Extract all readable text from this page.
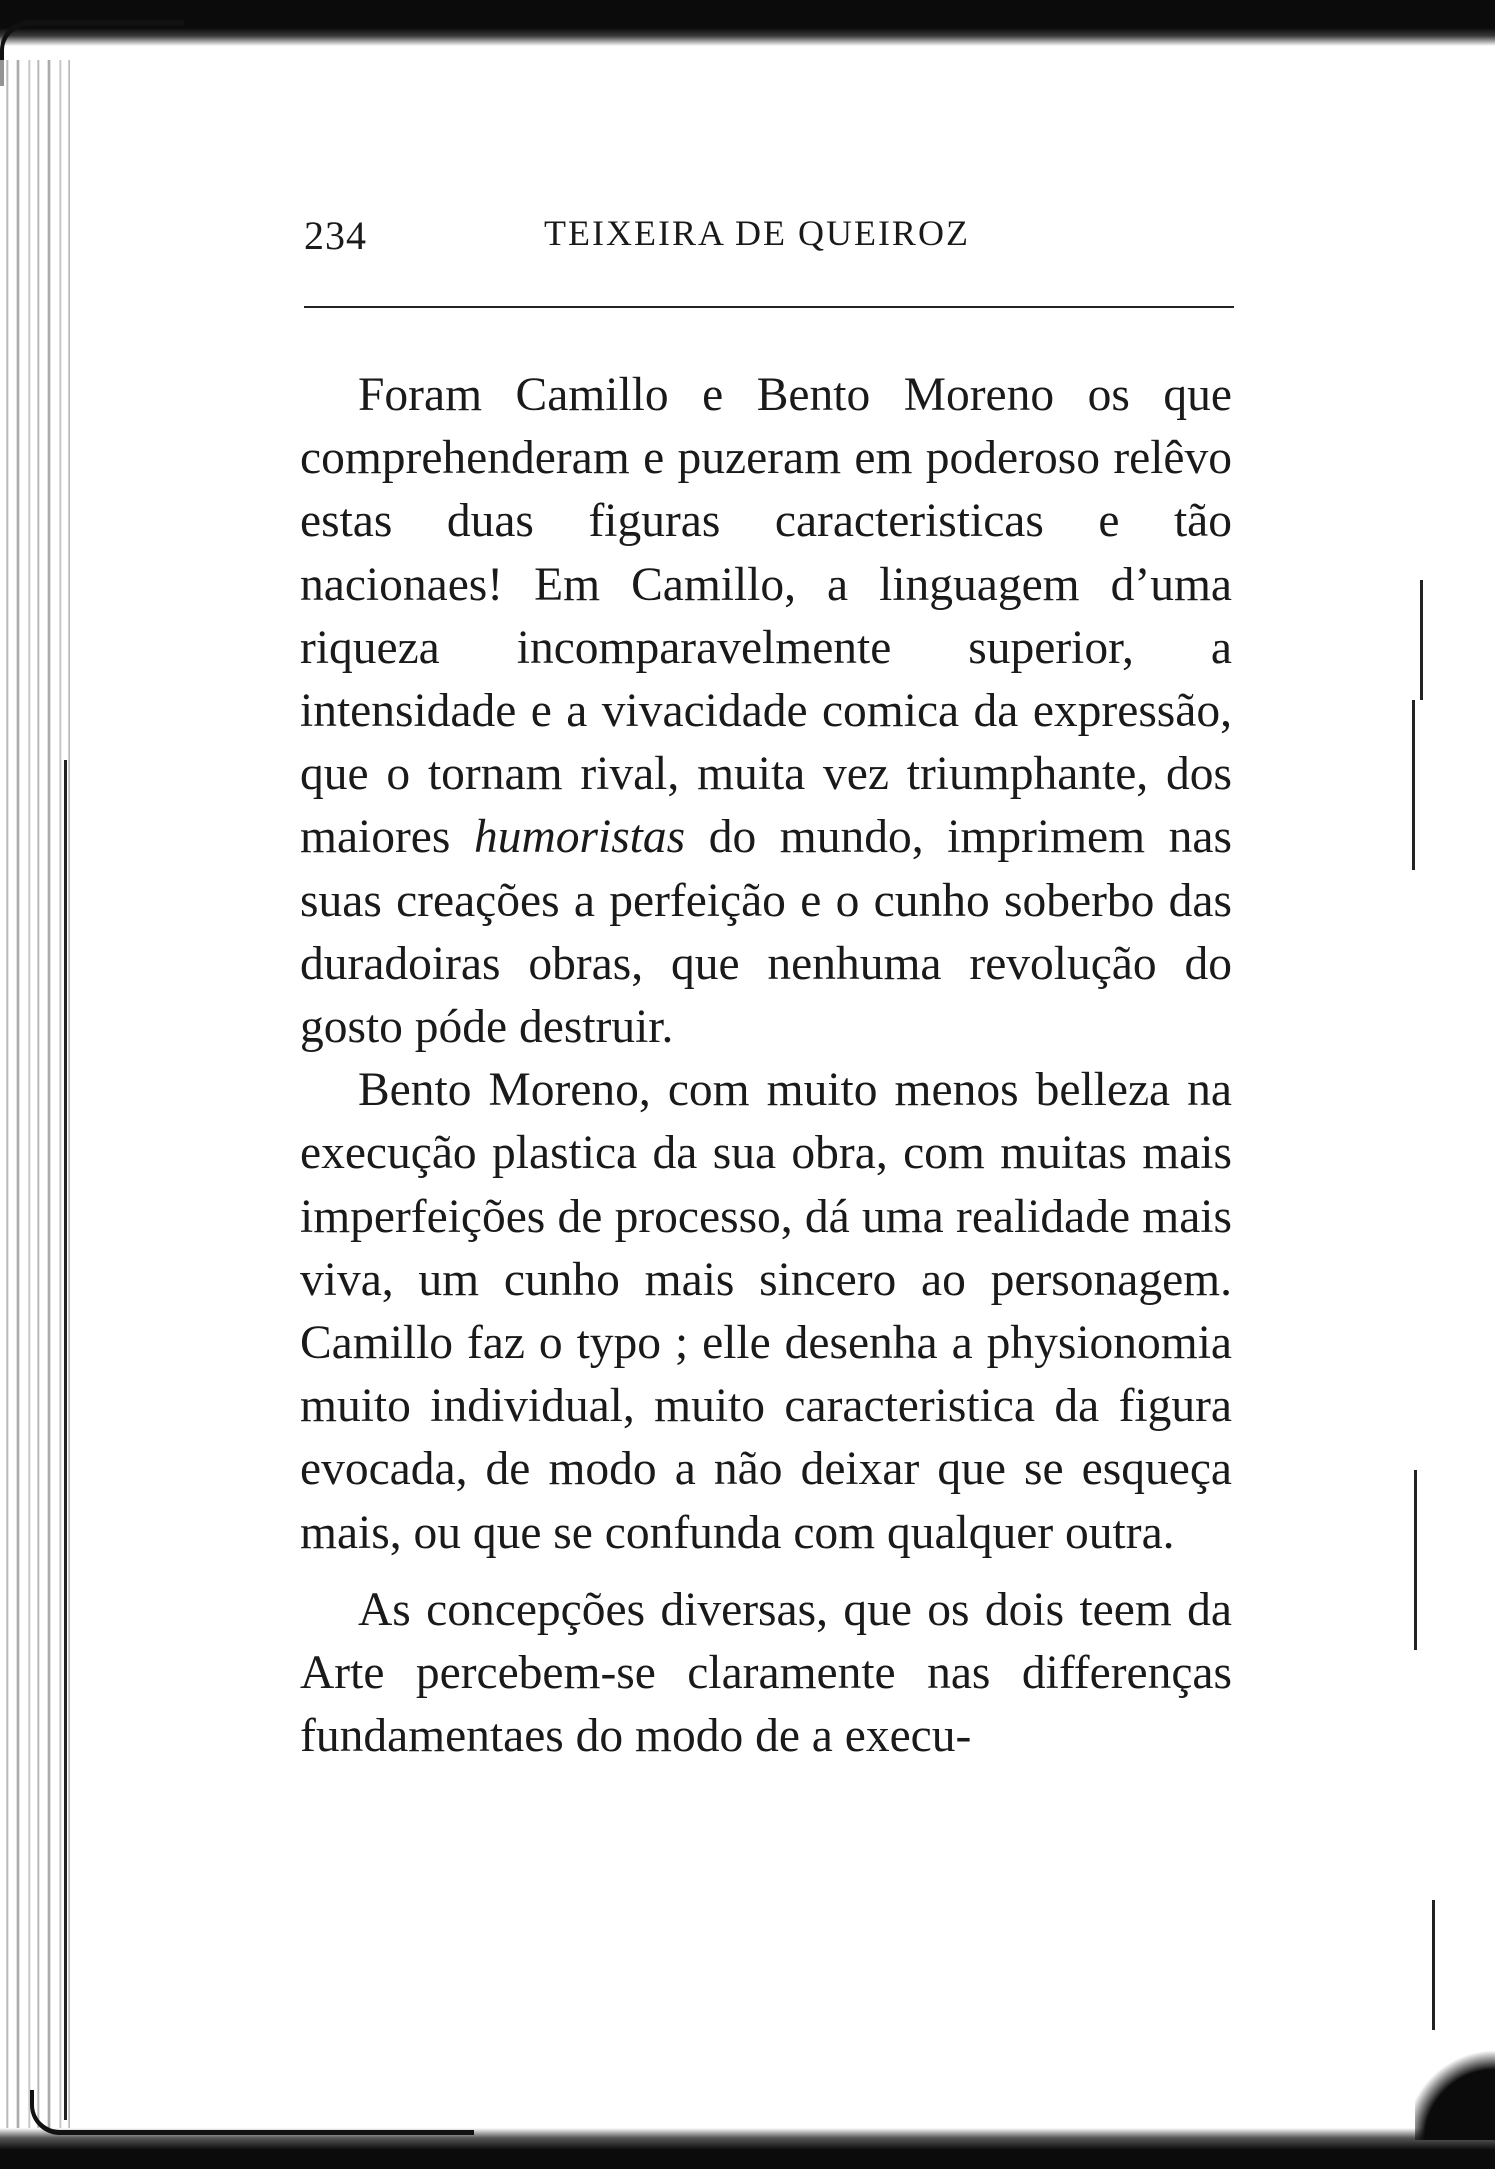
234	TEIXEIRA DE QUEIROZ

Foram Camillo e Bento Moreno os que comprehenderam e puzeram em poderoso relêvo estas duas figuras caracteristicas e tão nacionaes! Em Camillo, a linguagem d’uma riqueza incomparavelmente superior, a intensidade e a vivacidade comica da expressão, que o tornam rival, muita vez triumphante, dos maiores humoristas do mundo, imprimem nas suas creações a perfeição e o cunho soberbo das duradoiras obras, que nenhuma revolução do gosto póde destruir.

Bento Moreno, com muito menos belleza na execução plastica da sua obra, com muitas mais imperfeições de processo, dá uma realidade mais viva, um cunho mais sincero ao personagem. Camillo faz o typo ; elle desenha a physionomia muito individual, muito caracteristica da figura evocada, de modo a não deixar que se esqueça mais, ou que se confunda com qualquer outra.

As concepções diversas, que os dois teem da Arte percebem-se claramente nas differenças fundamentaes do modo de a execu-
